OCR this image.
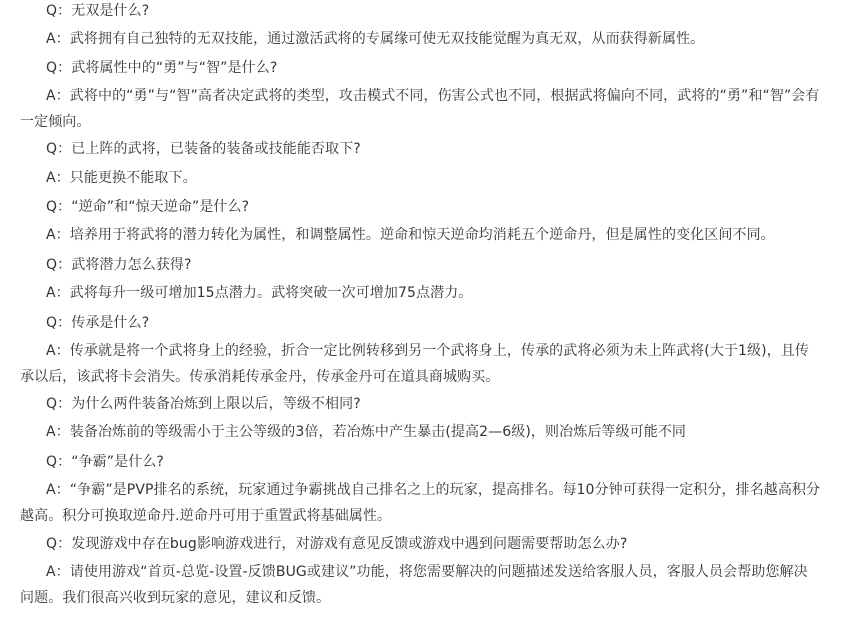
Q：无双是什么?
A：武将拥有自己独特的无双技能，通过激活武将的专属缘可使无双技能觉醒为真无双，从而获得新属性。
Q：武将属性中的“勇”与“智”是什么?
A：武将中的“勇”与“智”高者决定武将的类型，攻击模式不同，伤害公式也不同，根据武将偏向不同，武将的“勇”和“智”会有
一定倾向。
Q：已上阵的武将，已装备的装备或技能能否取下?
A：只能更换不能取下。
Q：“逆命”和“惊天逆命”是什么?
A：培养用于将武将的潜力转化为属性，和调整属性。逆命和惊天逆命均消耗五个逆命丹，但是属性的变化区间不同。
Q：武将潜力怎么获得?
A：武将每升一级可增加15点潜力。武将突破一次可增加75点潜力。
Q：传承是什么?
A：传承就是将一个武将身上的经验，折合一定比例转移到另一个武将身上，传承的武将必须为未上阵武将(大于1级)，且传
承以后，该武将卡会消失。传承消耗传承金丹，传承金丹可在道具商城购买。
Q：为什么两件装备冶炼到上限以后，等级不相同?
A：装备冶炼前的等级需小于主公等级的3倍，若冶炼中产生暴击(提高2—6级)，则冶炼后等级可能不同
Q：“争霸”是什么?
A：“争霸”是PVP排名的系统，玩家通过争霸挑战自己排名之上的玩家，提高排名。每10分钟可获得一定积分，排名越高积分
越高。积分可换取逆命丹.逆命丹可用于重置武将基础属性。
Q：发现游戏中存在bug影响游戏进行，对游戏有意见反馈或游戏中遇到问题需要帮助怎么办?
A：请使用游戏“首页-总览-设置-反馈BUG或建议”功能，将您需要解决的问题描述发送给客服人员，客服人员会帮助您解决
问题。我们很高兴收到玩家的意见，建议和反馈。
